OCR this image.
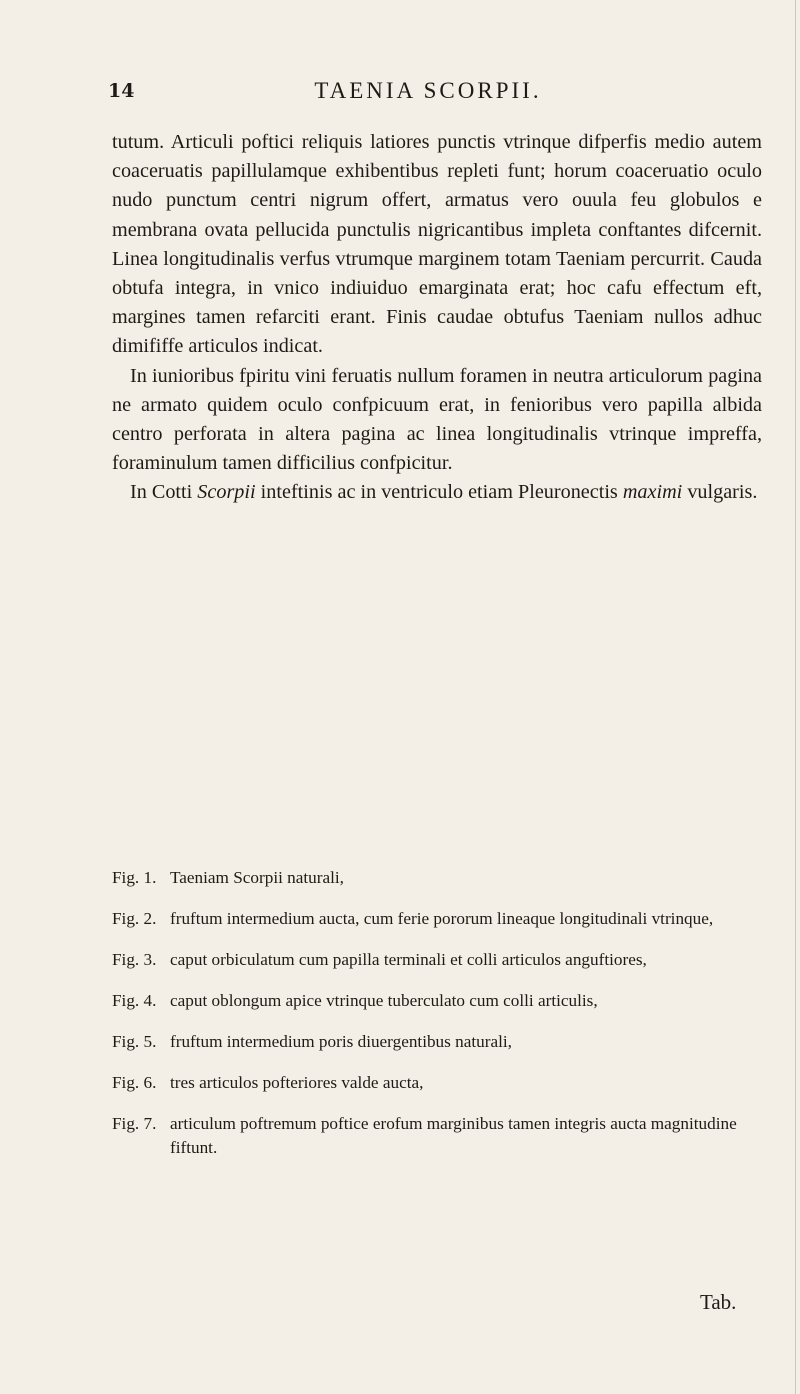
14	TAENIA SCORPII.

tutum. Articuli poftici reliquis latiores punctis vtrinque difperfis medio autem coaceruatis papillulamque exhibentibus repleti funt; horum coaceruatio oculo nudo punctum centri nigrum offert, armatus vero ouula feu globulos e membrana ovata pellucida punctulis nigricantibus impleta conftantes difcernit. Linea longitudinalis verfus vtrumque marginem totam Taeniam percurrit. Cauda obtufa integra, in vnico indiuiduo emarginata erat; hoc cafu effectum eft, margines tamen refarciti erant. Finis caudae obtufus Taeniam nullos adhuc dimififfe articulos indicat.

In iunioribus fpiritu vini feruatis nullum foramen in neutra articulorum pagina ne armato quidem oculo confpicuum erat, in fenioribus vero papilla albida centro perforata in altera pagina ac linea longitudinalis vtrinque impreffa, foraminulum tamen difficilius confpicitur.

In Cotti Scorpii inteftinis ac in ventriculo etiam Pleuronectis maximi vulgaris.

Fig. 1. Taeniam Scorpii naturali,
Fig. 2. fruftum intermedium aucta, cum ferie pororum lineaque longitudinali vtrinque,
Fig. 3. caput orbiculatum cum papilla terminali et colli articulos anguftiores,
Fig. 4. caput oblongum apice vtrinque tuberculato cum colli articulis,
Fig. 5. fruftum intermedium poris diuergentibus naturali,
Fig. 6. tres articulos pofteriores valde aucta,
Fig. 7. articulum poftremum poftice erofum marginibus tamen integris aucta magnitudine fiftunt.
Tab.
